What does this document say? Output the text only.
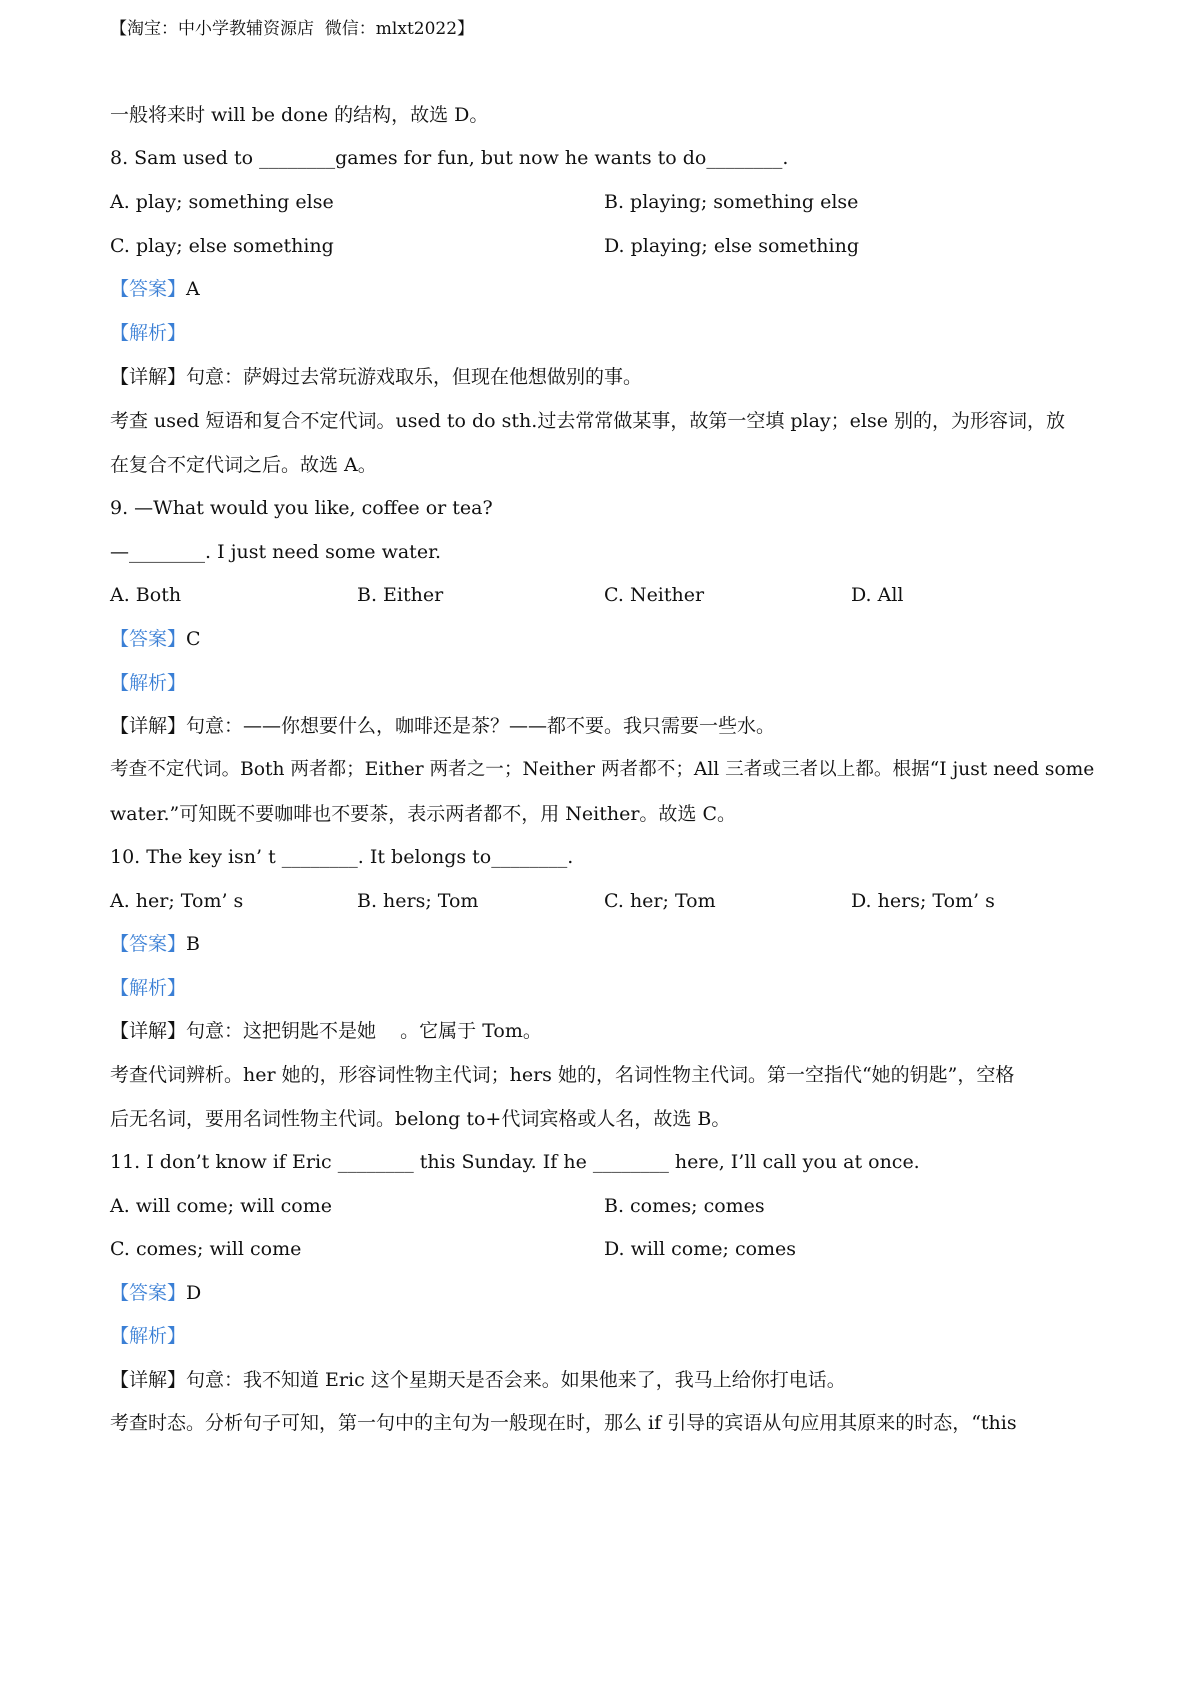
【淘宝：中小学教辅资源店  微信：mlxt2022】
一般将来时 will be done 的结构，故选 D。
8. Sam used to ________games for fun, but now he wants to do________.
A. play; something else	B. playing; something else
C. play; else something	D. playing; else something
【答案】A
【解析】
【详解】句意：萨姆过去常玩游戏取乐，但现在他想做别的事。
考查 used 短语和复合不定代词。used to do sth.过去常常做某事，故第一空填 play；else 别的，为形容词，放
在复合不定代词之后。故选 A。
9. —What would you like, coffee or tea?
—________. I just need some water.
A. Both	B. Either	C. Neither	D. All
【答案】C
【解析】
【详解】句意：——你想要什么，咖啡还是茶？——都不要。我只需要一些水。
考查不定代词。Both 两者都；Either 两者之一；Neither 两者都不；All 三者或三者以上都。根据“I just need some
water.”可知既不要咖啡也不要茶，表示两者都不，用 Neither。故选 C。
10. The key isn’ t ________. It belongs to________.
A. her; Tom’ s	B. hers; Tom	C. her; Tom	D. hers; Tom’ s
【答案】B
【解析】
【详解】句意：这把钥匙不是她    。它属于 Tom。
考查代词辨析。her 她的，形容词性物主代词；hers 她的，名词性物主代词。第一空指代“她的钥匙”，空格
后无名词，要用名词性物主代词。belong to+代词宾格或人名，故选 B。
11. I don’t know if Eric ________ this Sunday. If he ________ here, I’ll call you at once.
A. will come; will come	B. comes; comes
C. comes; will come	D. will come; comes
【答案】D
【解析】
【详解】句意：我不知道 Eric 这个星期天是否会来。如果他来了，我马上给你打电话。
考查时态。分析句子可知，第一句中的主句为一般现在时，那么 if 引导的宾语从句应用其原来的时态，“this
